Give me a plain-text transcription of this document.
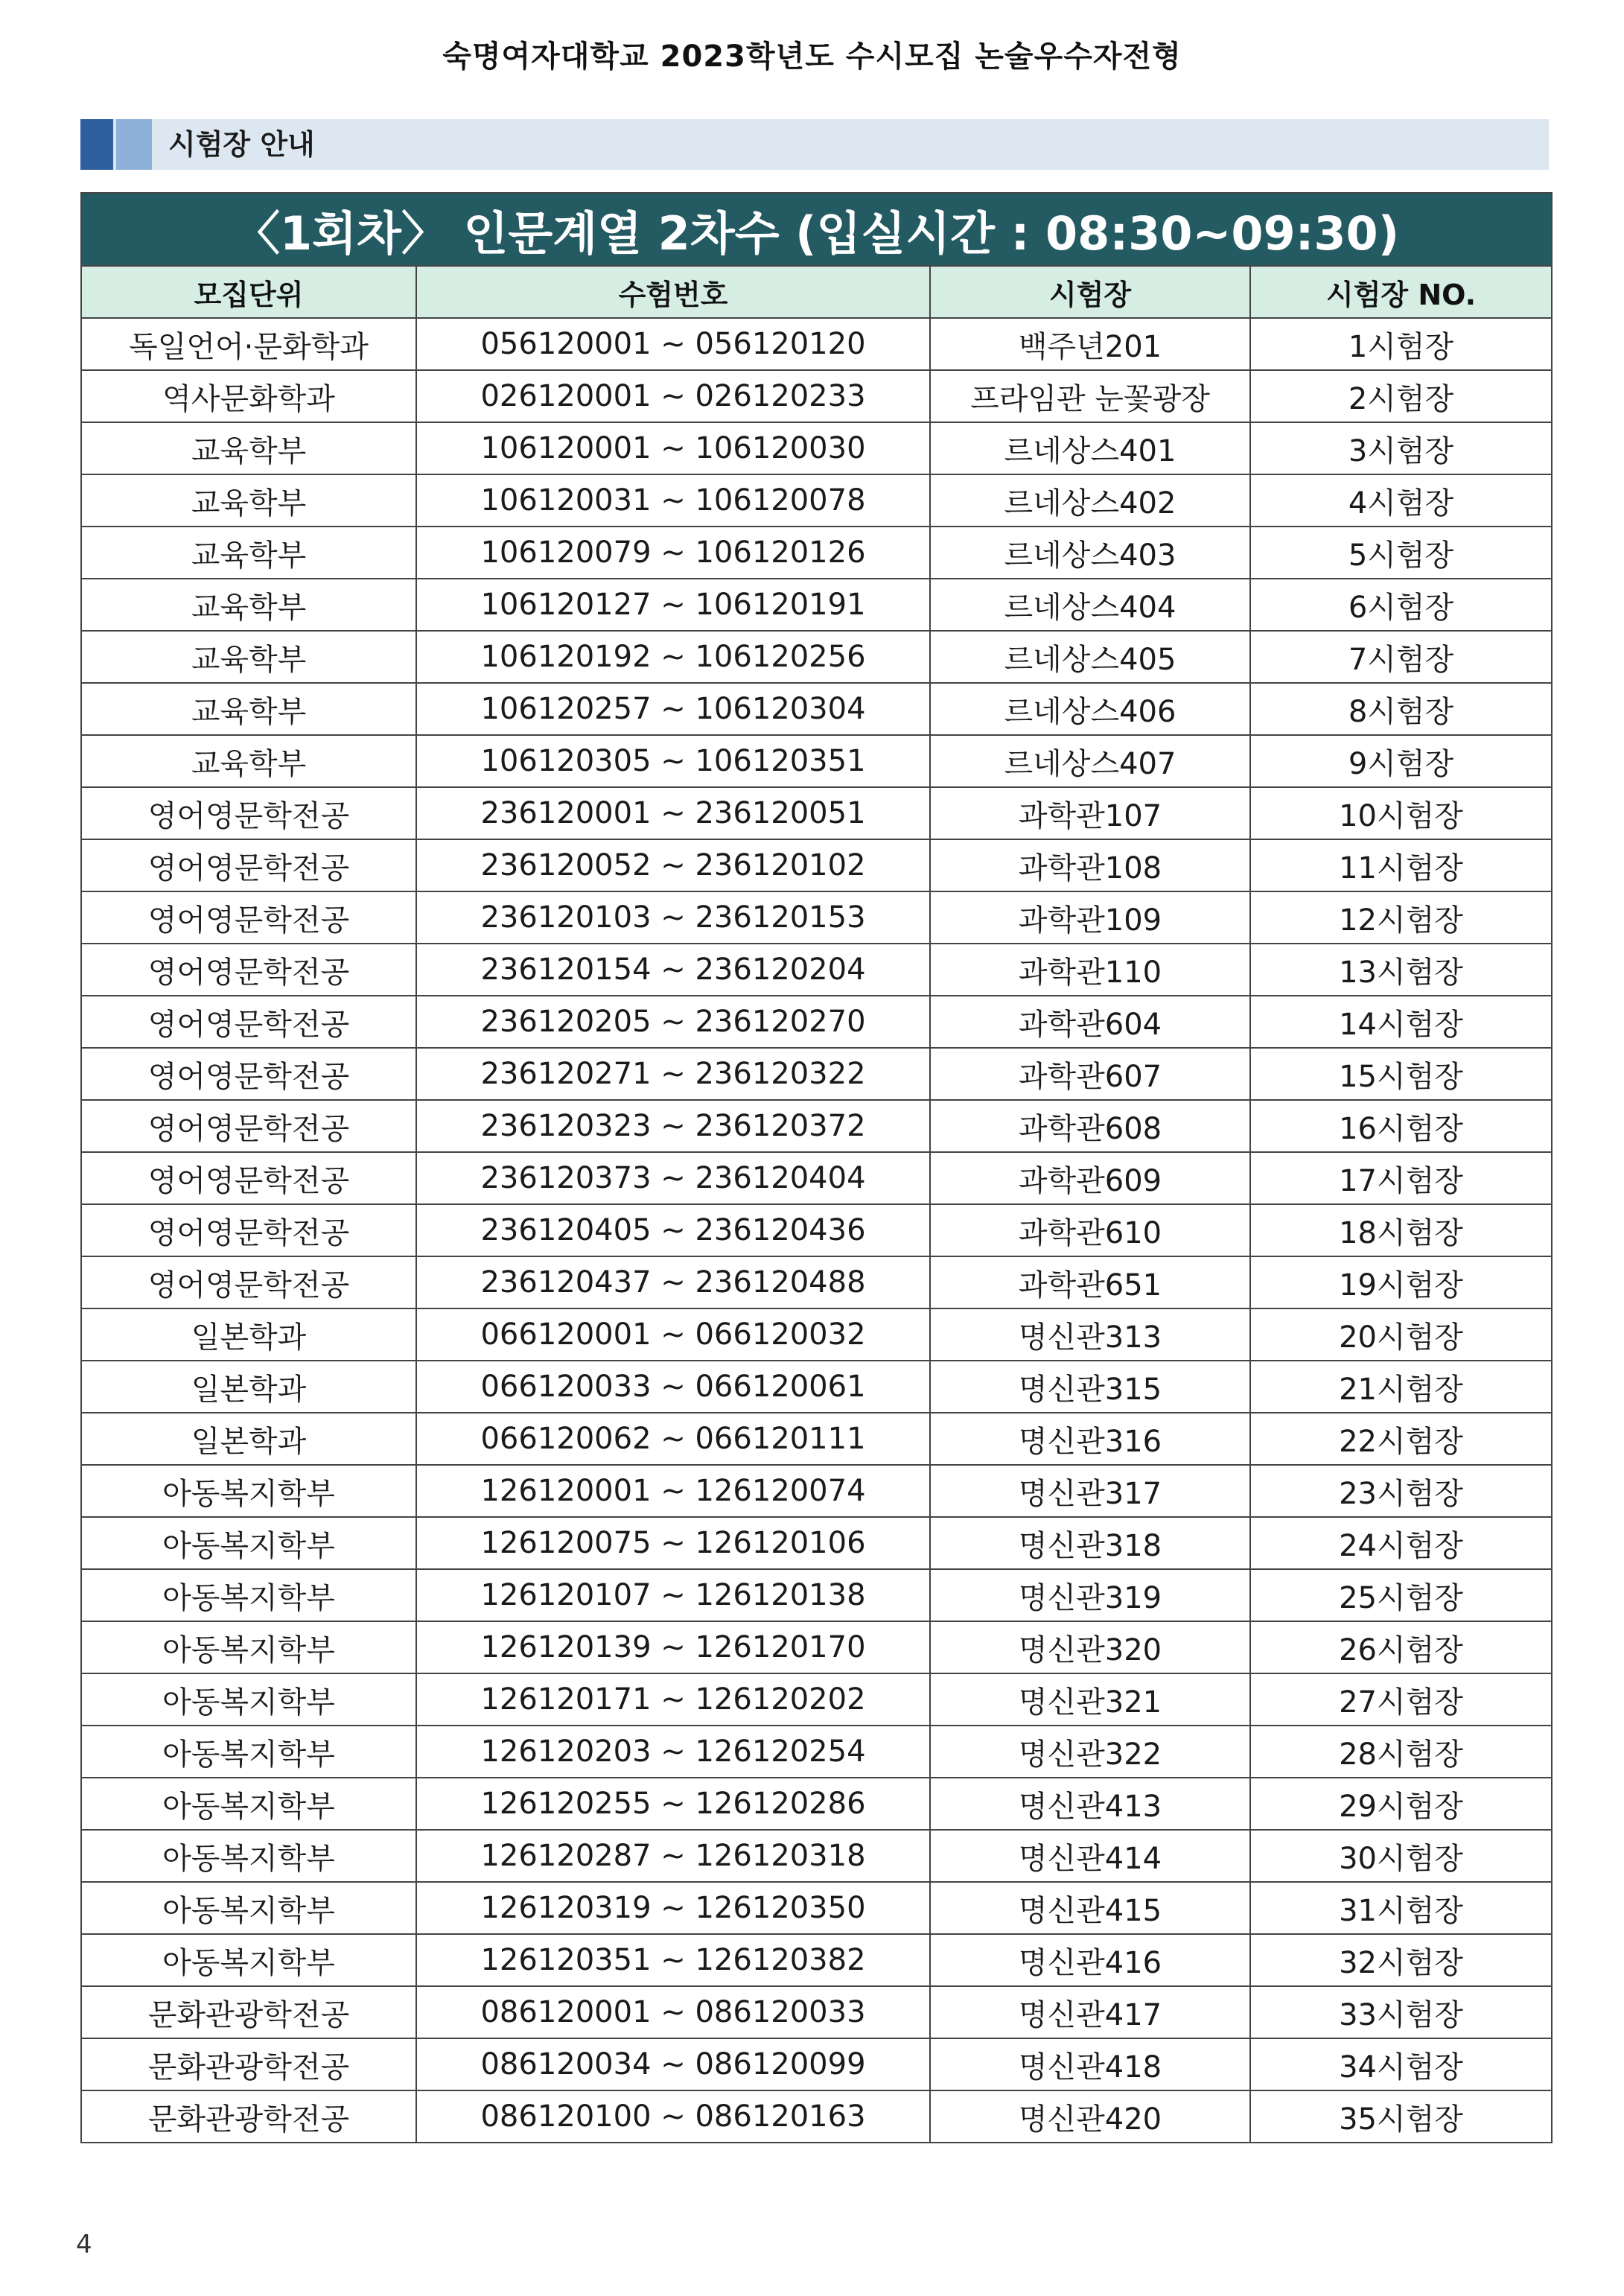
숙명여자대학교 2023학년도 수시모집 논술우수자전형
시험장 안내
〈1회차〉 인문계열 2차수 (입실시간 : 08:30~09:30)			
모집단위	수험번호	시험장	시험장 NO.
독일언어·문화학과	056120001 ~ 056120120	백주년201	1시험장
역사문화학과	026120001 ~ 026120233	프라임관 눈꽃광장	2시험장
교육학부	106120001 ~ 106120030	르네상스401	3시험장
교육학부	106120031 ~ 106120078	르네상스402	4시험장
교육학부	106120079 ~ 106120126	르네상스403	5시험장
교육학부	106120127 ~ 106120191	르네상스404	6시험장
교육학부	106120192 ~ 106120256	르네상스405	7시험장
교육학부	106120257 ~ 106120304	르네상스406	8시험장
교육학부	106120305 ~ 106120351	르네상스407	9시험장
영어영문학전공	236120001 ~ 236120051	과학관107	10시험장
영어영문학전공	236120052 ~ 236120102	과학관108	11시험장
영어영문학전공	236120103 ~ 236120153	과학관109	12시험장
영어영문학전공	236120154 ~ 236120204	과학관110	13시험장
영어영문학전공	236120205 ~ 236120270	과학관604	14시험장
영어영문학전공	236120271 ~ 236120322	과학관607	15시험장
영어영문학전공	236120323 ~ 236120372	과학관608	16시험장
영어영문학전공	236120373 ~ 236120404	과학관609	17시험장
영어영문학전공	236120405 ~ 236120436	과학관610	18시험장
영어영문학전공	236120437 ~ 236120488	과학관651	19시험장
일본학과	066120001 ~ 066120032	명신관313	20시험장
일본학과	066120033 ~ 066120061	명신관315	21시험장
일본학과	066120062 ~ 066120111	명신관316	22시험장
아동복지학부	126120001 ~ 126120074	명신관317	23시험장
아동복지학부	126120075 ~ 126120106	명신관318	24시험장
아동복지학부	126120107 ~ 126120138	명신관319	25시험장
아동복지학부	126120139 ~ 126120170	명신관320	26시험장
아동복지학부	126120171 ~ 126120202	명신관321	27시험장
아동복지학부	126120203 ~ 126120254	명신관322	28시험장
아동복지학부	126120255 ~ 126120286	명신관413	29시험장
아동복지학부	126120287 ~ 126120318	명신관414	30시험장
아동복지학부	126120319 ~ 126120350	명신관415	31시험장
아동복지학부	126120351 ~ 126120382	명신관416	32시험장
문화관광학전공	086120001 ~ 086120033	명신관417	33시험장
문화관광학전공	086120034 ~ 086120099	명신관418	34시험장
문화관광학전공	086120100 ~ 086120163	명신관420	35시험장
4
